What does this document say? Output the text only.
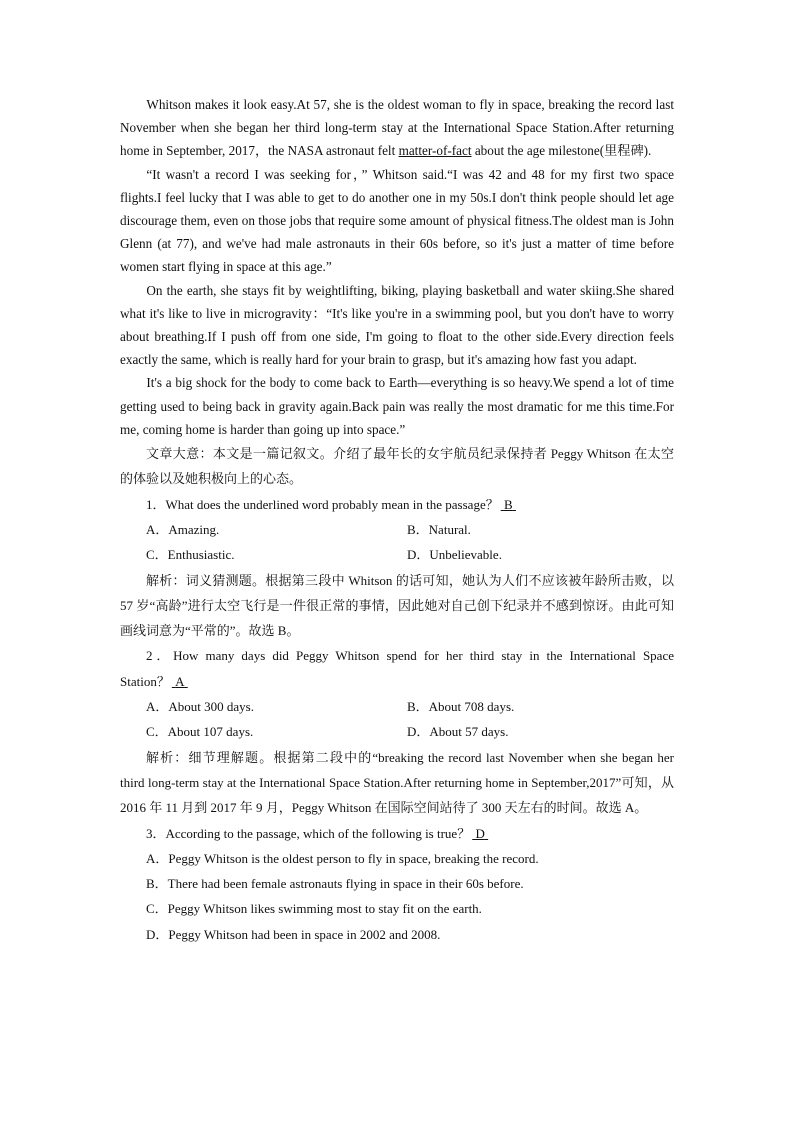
Whitson makes it look easy.At 57, she is the oldest woman to fly in space, breaking the record last November when she began her third long-term stay at the International Space Station.After returning home in September, 2017，the NASA astronaut felt matter-of-fact about the age milestone(里程碑).

“It wasn't a record I was seeking for，” Whitson said.“I was 42 and 48 for my first two space flights.I feel lucky that I was able to get to do another one in my 50s.I don't think people should let age discourage them, even on those jobs that require some amount of physical fitness.The oldest man is John Glenn (at 77), and we've had male astronauts in their 60s before, so it's just a matter of time before women start flying in space at this age.”

On the earth, she stays fit by weightlifting, biking, playing basketball and water skiing.She shared what it's like to live in microgravity：“It's like you're in a swimming pool, but you don't have to worry about breathing.If I push off from one side, I'm going to float to the other side.Every direction feels exactly the same, which is really hard for your brain to grasp, but it's amazing how fast you adapt.

It's a big shock for the body to come back to Earth—everything is so heavy.We spend a lot of time getting used to being back in gravity again.Back pain was really the most dramatic for me this time.For me, coming home is harder than going up into space.”

文章大意：本文是一篇记叙文。介绍了最年长的女宇航员纪录保持者 Peggy Whitson 在太空的体验以及她积极向上的心态。

1．What does the underlined word probably mean in the passage？ B

A．Amazing.	B．Natural.
C．Enthusiastic.	D．Unbelievable.

解析：词义猜测题。根据第三段中 Whitson 的话可知，她认为人们不应该被年龄所击败，以 57 岁“高龄”进行太空飞行是一件很正常的事情，因此她对自己创下纪录并不感到惊讶。由此可知画线词意为“平常的”。故选 B。

2．How many days did Peggy Whitson spend for her third stay in the International Space Station？ A

A．About 300 days.	B．About 708 days.
C．About 107 days.	D．About 57 days.

解析：细节理解题。根据第二段中的“breaking the record last November when she began her third long-term stay at the International Space Station.After returning home in September,2017”可知，从 2016 年 11 月到 2017 年 9 月，Peggy Whitson 在国际空间站待了 300 天左右的时间。故选 A。

3．According to the passage, which of the following is true？ D

A．Peggy Whitson is the oldest person to fly in space, breaking the record.
B．There had been female astronauts flying in space in their 60s before.
C．Peggy Whitson likes swimming most to stay fit on the earth.
D．Peggy Whitson had been in space in 2002 and 2008.
